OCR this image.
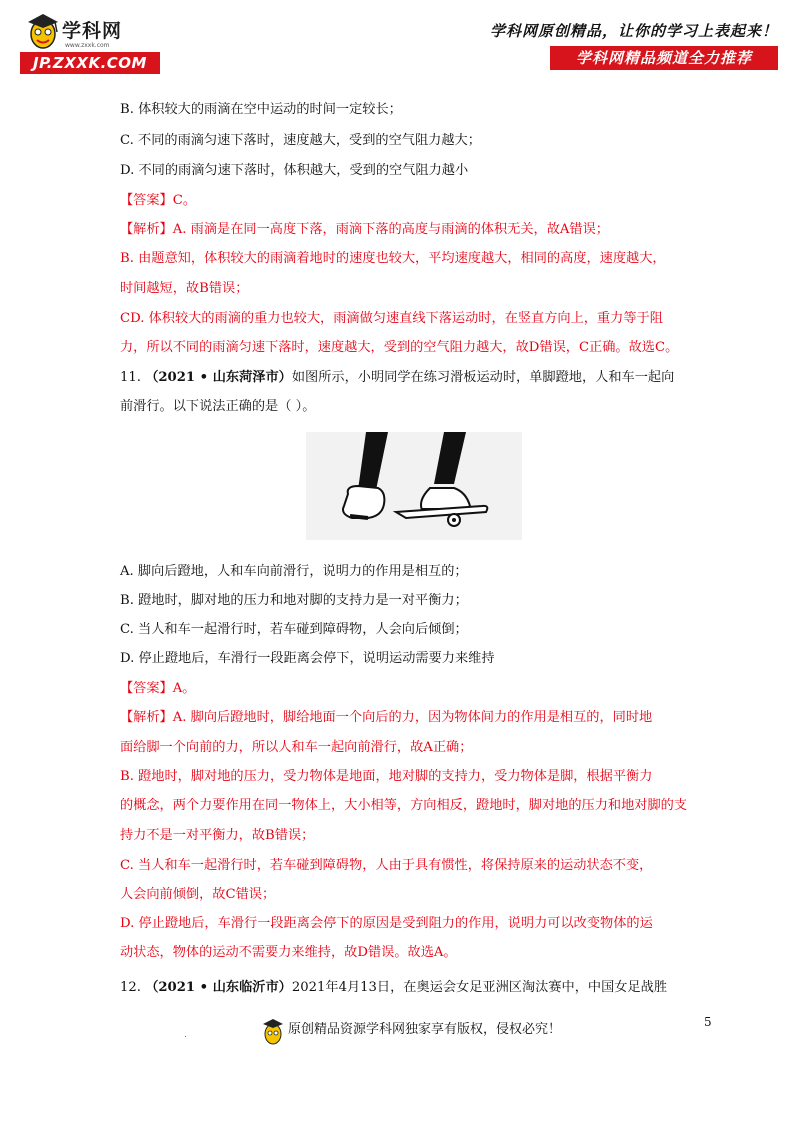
学科网
www.zxxk.com
JP.ZXXK.COM
学科网原创精品，让你的学习上表起来！
学科网精品频道全力推荐
B. 体积较大的雨滴在空中运动的时间一定较长；
C. 不同的雨滴匀速下落时，速度越大，受到的空气阻力越大；
D. 不同的雨滴匀速下落时，体积越大，受到的空气阻力越小
【答案】C。
【解析】A. 雨滴是在同一高度下落，雨滴下落的高度与雨滴的体积无关，故A错误；
B. 由题意知，体积较大的雨滴着地时的速度也较大，平均速度越大，相同的高度，速度越大，
时间越短，故B错误；
CD. 体积较大的雨滴的重力也较大，雨滴做匀速直线下落运动时，在竖直方向上，重力等于阻
力，所以不同的雨滴匀速下落时，速度越大，受到的空气阻力越大，故D错误，C正确。故选C。
11. （2021 • 山东菏泽市）如图所示，小明同学在练习滑板运动时，单脚蹬地，人和车一起向
前滑行。以下说法正确的是（ ）。
A. 脚向后蹬地，人和车向前滑行，说明力的作用是相互的；
B. 蹬地时，脚对地的压力和地对脚的支持力是一对平衡力；
C. 当人和车一起滑行时，若车碰到障碍物，人会向后倾倒；
D. 停止蹬地后，车滑行一段距离会停下，说明运动需要力来维持
【答案】A。
【解析】A. 脚向后蹬地时，脚给地面一个向后的力，因为物体间力的作用是相互的，同时地
面给脚一个向前的力，所以人和车一起向前滑行，故A正确；
B. 蹬地时，脚对地的压力，受力物体是地面，地对脚的支持力，受力物体是脚，根据平衡力
的概念，两个力要作用在同一物体上，大小相等，方向相反，蹬地时，脚对地的压力和地对脚的支
持力不是一对平衡力，故B错误；
C. 当人和车一起滑行时，若车碰到障碍物，人由于具有惯性，将保持原来的运动状态不变，
人会向前倾倒，故C错误；
D. 停止蹬地后，车滑行一段距离会停下的原因是受到阻力的作用，说明力可以改变物体的运
动状态，物体的运动不需要力来维持，故D错误。故选A。
12. （2021 • 山东临沂市）2021年4月13日，在奥运会女足亚洲区淘汰赛中，中国女足战胜
5
.	原创精品资源学科网独家享有版权，侵权必究！
